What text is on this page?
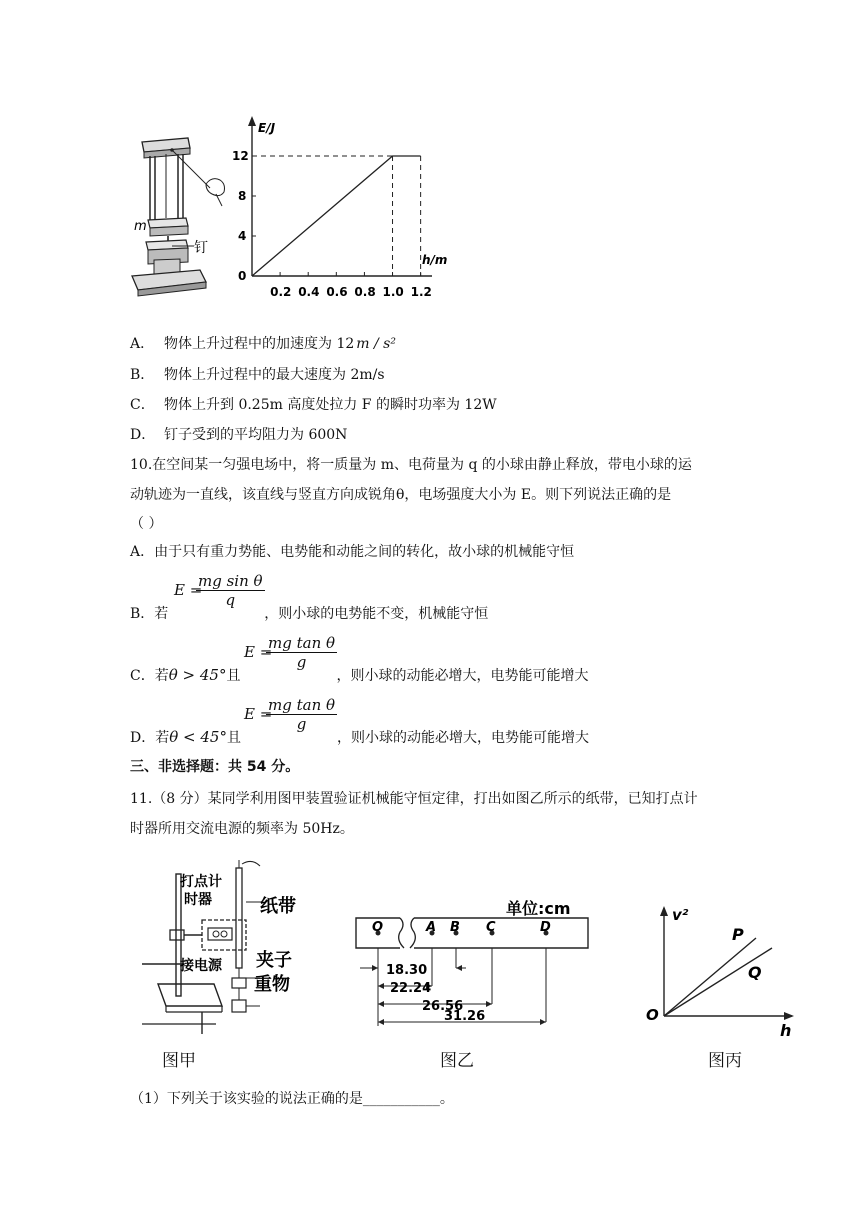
m
钉
0.2 0.4 0.6 0.8 1.0 1.2
0
4
8
12
E/J
h/m
A． 物体上升过程中的加速度为 12 m / s²
B． 物体上升过程中的最大速度为 2m/s
C． 物体上升到 0.25m 高度处拉力 F 的瞬时功率为 12W
D． 钉子受到的平均阻力为 600N
10.在空间某一匀强电场中，将一质量为 m、电荷量为 q 的小球由静止释放，带电小球的运
动轨迹为一直线，该直线与竖直方向成锐角θ，电场强度大小为 E。则下列说法正确的是
（ ）
A．由于只有重力势能、电势能和动能之间的转化，故小球的机械能守恒
E =
mg sin θ
q
B．若	，则小球的电势能不变，机械能守恒
E =
mg tan θ
g
C．若θ > 45°且	，则小球的动能必增大，电势能可能增大
E =
mg tan θ
g
D．若θ < 45°且	，则小球的动能必增大，电势能可能增大
三、非选择题：共 54 分。
11.（8 分）某同学利用图甲装置验证机械能守恒定律，打出如图乙所示的纸带，已知打点计
时器所用交流电源的频率为 50Hz。
打点计
时器	纸带
夹子
接电源
重物
图甲
O	A B C	D
单位:cm
18.30
22.24
26.56
31.26
图乙
v²
h
O
P
Q
图丙
（1）下列关于该实验的说法正确的是___________。
